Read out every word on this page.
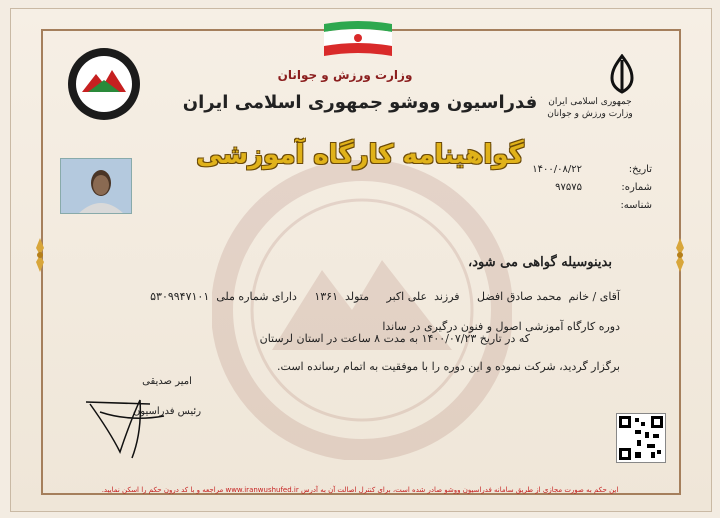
جمهوری اسلامی ایران
وزارت ورزش و جوانان
وزارت ورزش و جوانان
فدراسیون ووشو جمهوری اسلامی ایران
گواهینامه کارگاه آموزشی	تاریخ:
۱۴۰۰/۰۸/۲۲
شماره:
۹۷۵۷۵
شناسه:
بدینوسیله گواهی می شود،
آقای / خانم  محمد صادق افضل     فرزند  علی اکبر     متولد  ۱۳۶۱     دارای شماره ملی  ۵۳۰۹۹۴۷۱۰۱
دوره کارگاه آموزشی اصول و فنون درگیری در ساندا
که در تاریخ ۱۴۰۰/۰۷/۲۳ به مدت ۸ ساعت در استان لرستان
برگزار گردید، شرکت نموده و این دوره را با موفقیت به اتمام رسانده است.
امیر صدیقی
رئیس فدراسیون
این حکم به صورت مجازی از طریق سامانه فدراسیون ووشو صادر شده است، برای کنترل اصالت آن به آدرس www.iranwushufed.ir مراجعه و با کد درون حکم را اسکن نمایید.
